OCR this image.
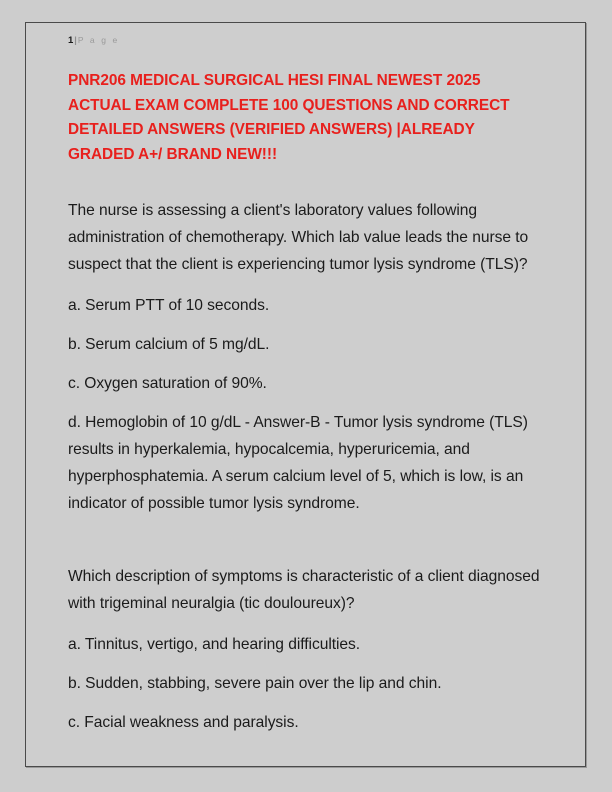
1|P a g e
PNR206 MEDICAL SURGICAL HESI FINAL NEWEST 2025 ACTUAL EXAM COMPLETE 100 QUESTIONS AND CORRECT DETAILED ANSWERS (VERIFIED ANSWERS) |ALREADY GRADED A+/ BRAND NEW!!!

The nurse is assessing a client's laboratory values following administration of chemotherapy. Which lab value leads the nurse to suspect that the client is experiencing tumor lysis syndrome (TLS)?

a. Serum PTT of 10 seconds.

b. Serum calcium of 5 mg/dL.

c. Oxygen saturation of 90%.

d. Hemoglobin of 10 g/dL - Answer-B - Tumor lysis syndrome (TLS) results in hyperkalemia, hypocalcemia, hyperuricemia, and hyperphosphatemia. A serum calcium level of 5, which is low, is an indicator of possible tumor lysis syndrome.

Which description of symptoms is characteristic of a client diagnosed with trigeminal neuralgia (tic douloureux)?

a. Tinnitus, vertigo, and hearing difficulties.

b. Sudden, stabbing, severe pain over the lip and chin.

c. Facial weakness and paralysis.
